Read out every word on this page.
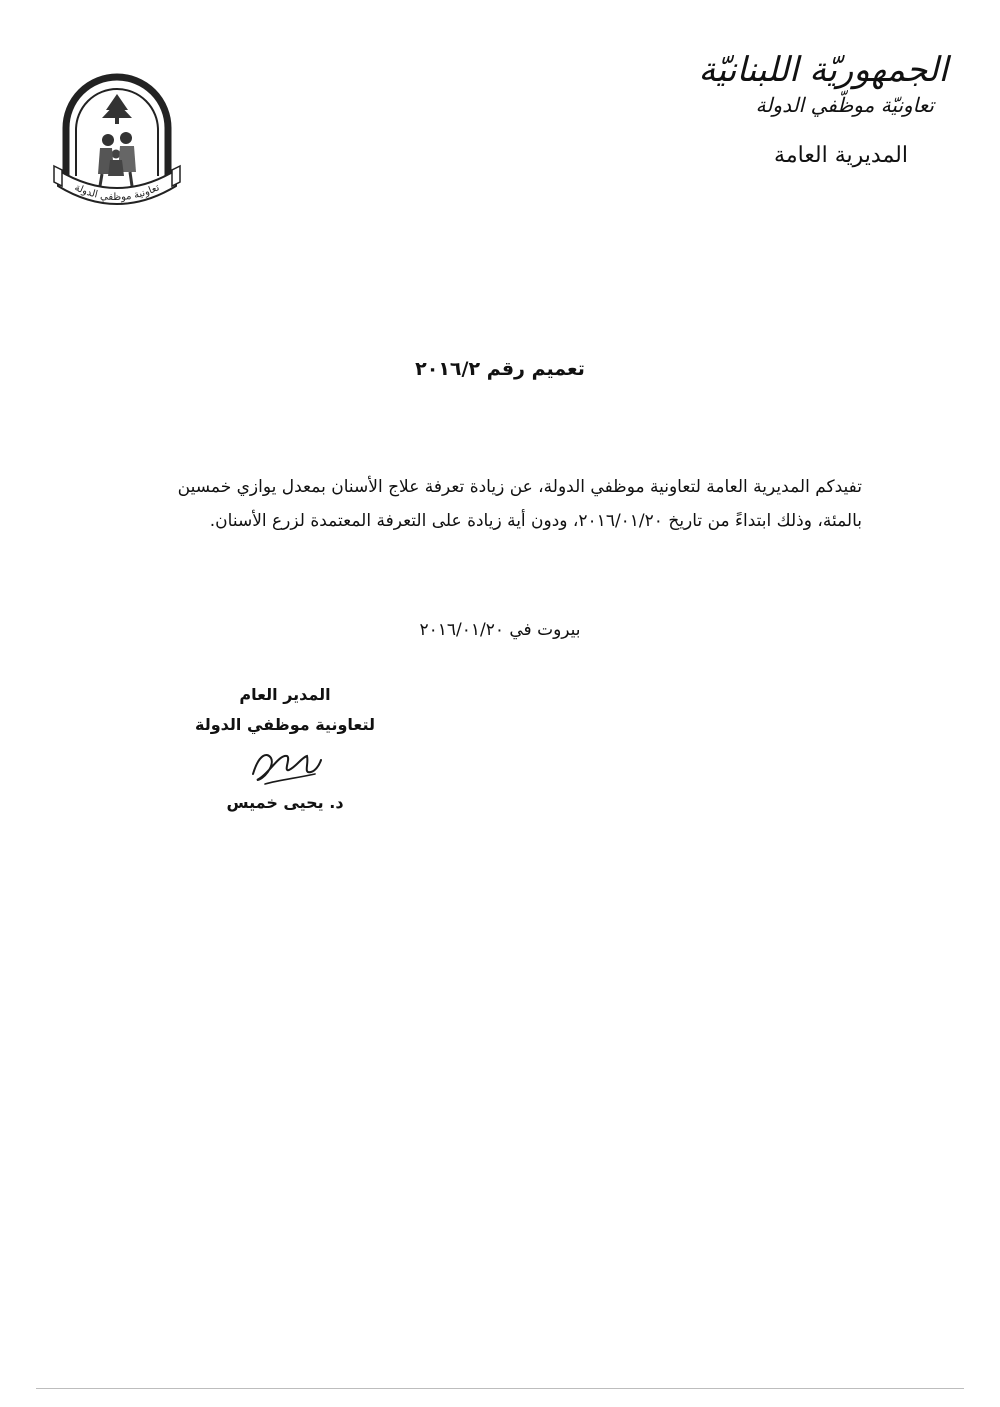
الجمهوريّة اللبنانيّة
تعاونيّة موظّفي الدولة
المديرية العامة
تعاونية موظفي الدولة
تعميم رقم ٢٠١٦/٢

تفيدكم المديرية العامة لتعاونية موظفي الدولة، عن زيادة تعرفة علاج الأسنان بمعدل يوازي خمسين

بالمئة، وذلك ابتداءً من تاريخ ٢٠١٦/٠١/٢٠، ودون أية زيادة على التعرفة المعتمدة لزرع الأسنان.

بيروت في ٢٠١٦/٠١/٢٠
المدير العام
لتعاونية موظفي الدولة
د. يحيى خميس
